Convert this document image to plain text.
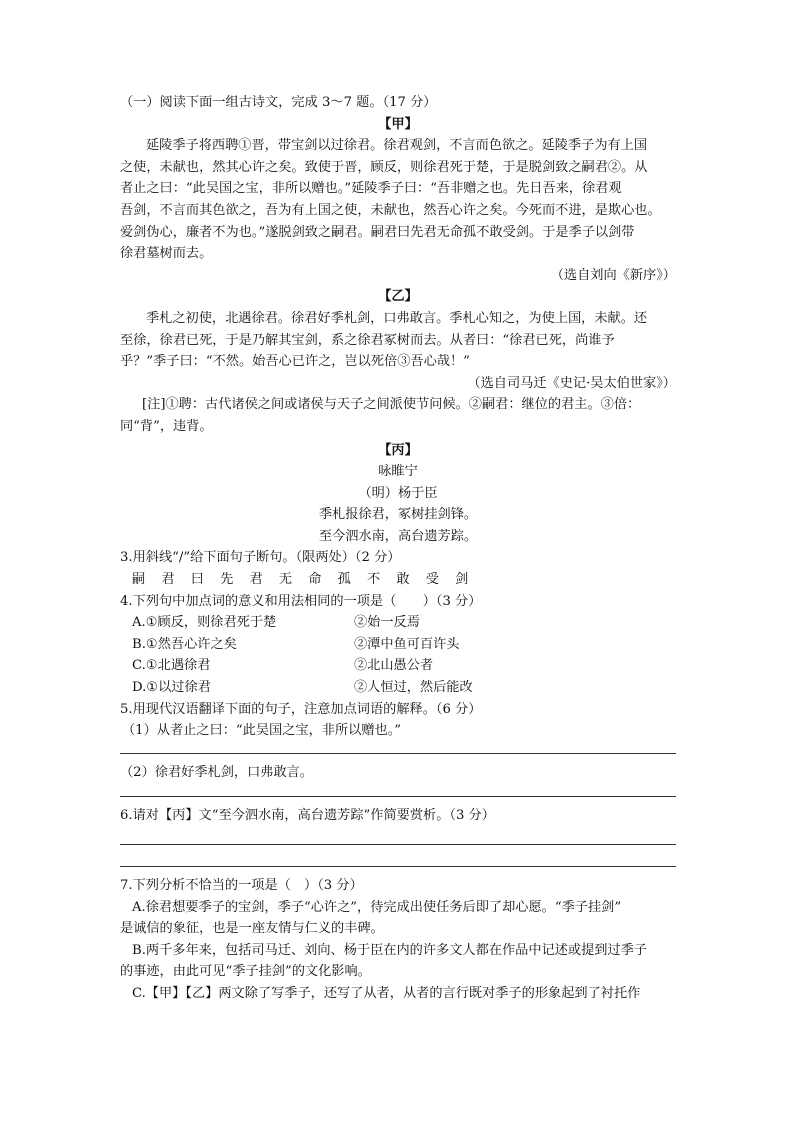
（一）阅读下面一组古诗文，完成 3～7 题。（17 分）
【甲】
延陵季子将西聘①晋，带宝剑以过徐君。徐君观剑，不言而色欲之。延陵季子为有上国
之使，未献也，然其心许之矣。致使于晋，顾反，则徐君死于楚，于是脱剑致之嗣君②。从
者止之曰：“此吴国之宝，非所以赠也。”延陵季子曰：“吾非赠之也。先日吾来，徐君观
吾剑，不言而其色欲之，吾为有上国之使，未献也，然吾心许之矣。今死而不进，是欺心也。
爱剑伪心，廉者不为也。”遂脱剑致之嗣君。嗣君曰先君无命孤不敢受剑。于是季子以剑带
徐君墓树而去。
（选自刘向《新序》）
【乙】
季札之初使，北遇徐君。徐君好季札剑，口弗敢言。季札心知之，为使上国，未献。还
至徐，徐君已死，于是乃解其宝剑，系之徐君冢树而去。从者曰：“徐君已死，尚谁予
乎？”季子曰：“不然。始吾心已许之，岂以死倍③吾心哉！”
（选自司马迁《史记·吴太伯世家》）
[注]①聘：古代诸侯之间或诸侯与天子之间派使节问候。②嗣君：继位的君主。③倍：
同“背”，违背。
【丙】
咏睢宁
（明）杨于臣
季札报徐君，冢树挂剑锋。
至今泗水南，高台遗芳踪。
3.用斜线“/”给下面句子断句。（限两处）（2 分）
嗣 君 曰 先 君 无 命 孤 不 敢 受 剑
4.下列句中加点词的意义和用法相同的一项是（　　）（3 分）
A.①顾反，则徐君死于楚	②始一反焉
B.①然吾心许之矣	②潭中鱼可百许头
C.①北遇徐君	②北山愚公者
D.①以过徐君	②人恒过，然后能改
5.用现代汉语翻译下面的句子，注意加点词语的解释。（6 分）
（1）从者止之曰：“此吴国之宝，非所以赠也。”
（2）徐君好季札剑，口弗敢言。
6.请对【丙】文“至今泗水南，高台遗芳踪”作简要赏析。（3 分）
7.下列分析不恰当的一项是（　）（3 分）
A.徐君想要季子的宝剑，季子“心许之”，待完成出使任务后即了却心愿。“季子挂剑”
是诚信的象征，也是一座友情与仁义的丰碑。
B.两千多年来，包括司马迁、刘向、杨于臣在内的许多文人都在作品中记述或提到过季子
的事迹，由此可见“季子挂剑”的文化影响。
C.【甲】【乙】两文除了写季子，还写了从者，从者的言行既对季子的形象起到了衬托作
